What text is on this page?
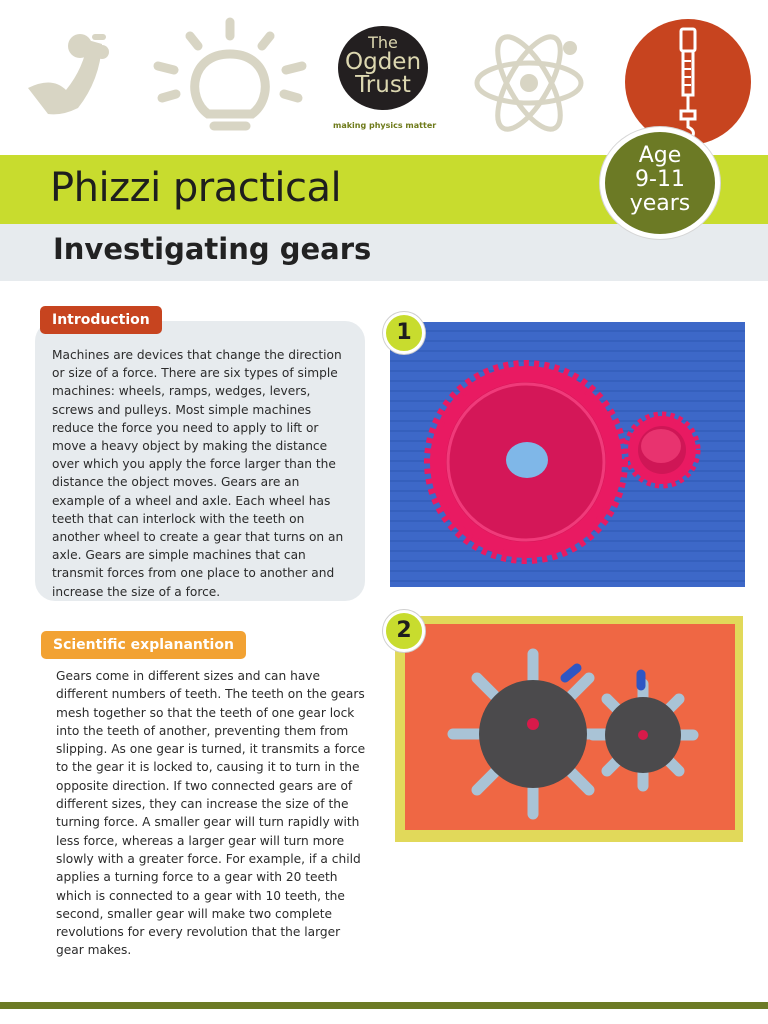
The
Ogden
Trust
making physics matter
Phizzi practical
Investigating gears
Age
9-11
years
Introduction

Machines are devices that change the direction or size of a force. There are six types of simple machines: wheels, ramps, wedges, levers, screws and pulleys. Most simple machines reduce the force you need to apply to lift or move a heavy object by making the distance over which you apply the force larger than the distance the object moves. Gears are an example of a wheel and axle. Each wheel has teeth that can interlock with the teeth on another wheel to create a gear that turns on an axle. Gears are simple machines that can transmit forces from one place to another and increase the size of a force.

Scientific explanantion

Gears come in different sizes and can have different numbers of teeth. The teeth on the gears mesh together so that the teeth of one gear lock into the teeth of another, preventing them from slipping. As one gear is turned, it transmits a force to the gear it is locked to, causing it to turn in the opposite direction. If two connected gears are of different sizes, they can increase the size of the turning force. A smaller gear will turn rapidly with less force, whereas a larger gear will turn more slowly with a greater force. For example, if a child applies a turning force to a gear with 20 teeth which is connected to a gear with 10 teeth, the second, smaller gear will make two complete revolutions for every revolution that the larger gear makes.

1
2
